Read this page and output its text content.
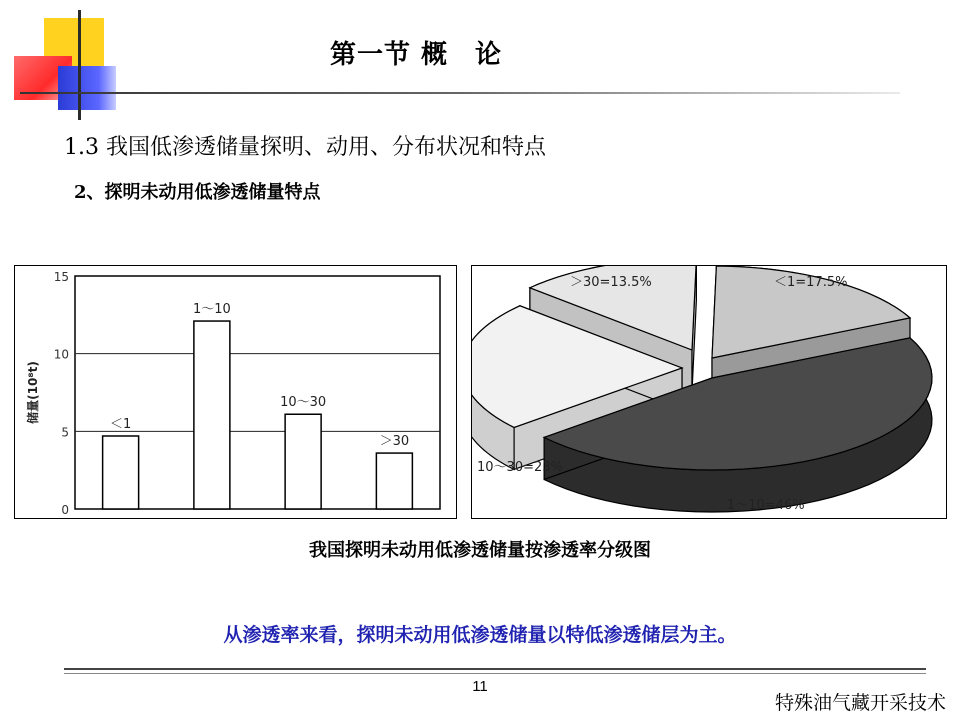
第一节 概　论
1.3 我国低渗透储量探明、动用、分布状况和特点
2、探明未动用低渗透储量特点
0
5
10
15
储量(10⁸t)
＜1
1～10
10～30
＞30
＜1=17.5%
1～10=46%
10～30=23%
＞30=13.5%
我国探明未动用低渗透储量按渗透率分级图
从渗透率来看，探明未动用低渗透储量以特低渗透储层为主。
11
特殊油气藏开采技术
